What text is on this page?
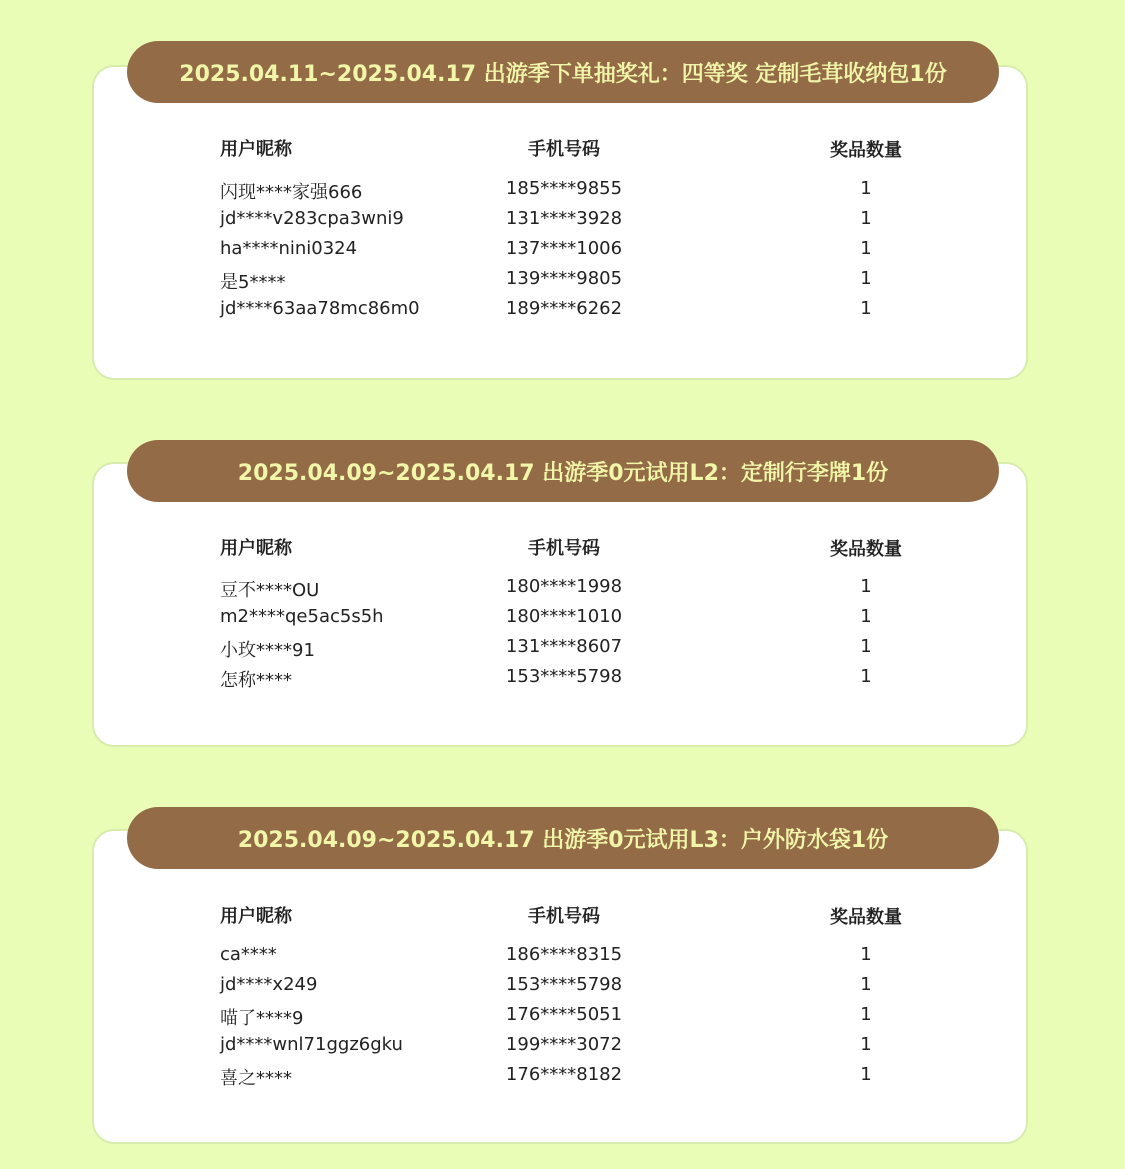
用户昵称	手机号码	奖品数量
闪现****家强666	185****9855	1
jd****v283cpa3wni9	131****3928	1
ha****nini0324	137****1006	1
是5****	139****9805	1
jd****63aa78mc86m0	189****6262	1
2025.04.11~2025.04.17 出游季下单抽奖礼：四等奖 定制毛茸收纳包1份
用户昵称	手机号码	奖品数量
豆不****OU	180****1998	1
m2****qe5ac5s5h	180****1010	1
小玫****91	131****8607	1
怎称****	153****5798	1
2025.04.09~2025.04.17 出游季0元试用L2：定制行李牌1份
用户昵称	手机号码	奖品数量
ca****	186****8315	1
jd****x249	153****5798	1
喵了****9	176****5051	1
jd****wnl71ggz6gku	199****3072	1
喜之****	176****8182	1
2025.04.09~2025.04.17 出游季0元试用L3：户外防水袋1份
